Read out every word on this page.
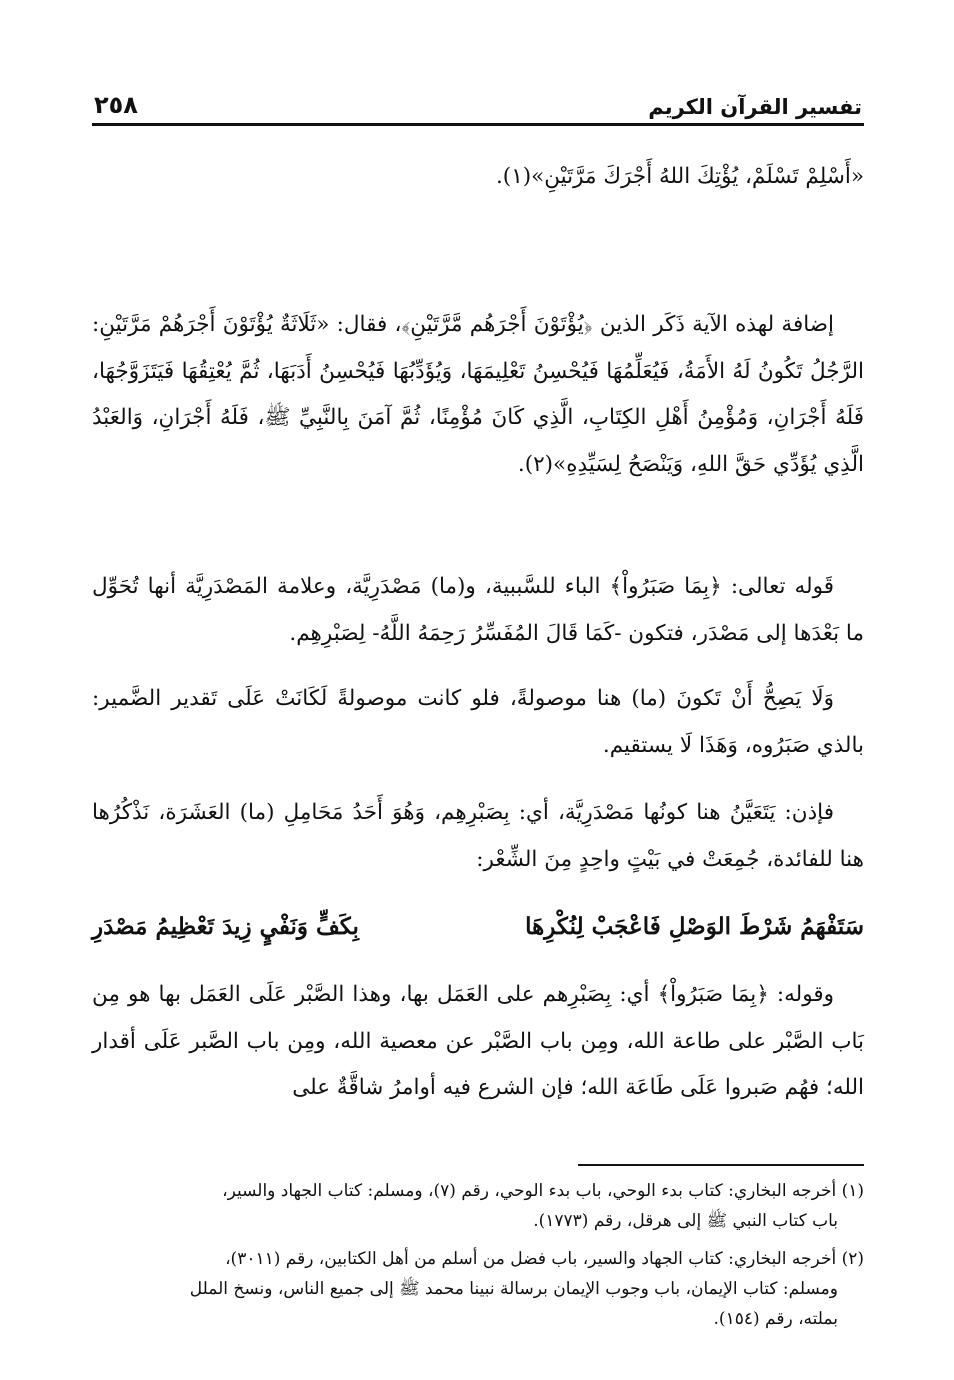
تفسير القرآن الكريم
٢٥٨

«أَسْلِمْ تَسْلَمْ، يُؤْتِكَ اللهُ أَجْرَكَ مَرَّتَيْنِ»(١).

إضافة لهذه الآية ذَكَر الذين ﴿يُؤْتَوْنَ أَجْرَهُم مَّرَّتَيْنِ﴾، فقال: «ثَلَاثَةٌ يُؤْتَوْنَ أَجْرَهُمْ مَرَّتَيْنِ: الرَّجُلُ تَكُونُ لَهُ الأَمَةُ، فَيُعَلِّمُهَا فَيُحْسِنُ تَعْلِيمَهَا، وَيُؤَدِّبُهَا فَيُحْسِنُ أَدَبَهَا، ثُمَّ يُعْتِقُهَا فَيَتَزَوَّجُهَا، فَلَهُ أَجْرَانِ، وَمُؤْمِنُ أَهْلِ الكِتَابِ، الَّذِي كَانَ مُؤْمِنًا، ثُمَّ آمَنَ بِالنَّبِيِّ ﷺ، فَلَهُ أَجْرَانِ، وَالعَبْدُ الَّذِي يُؤَدِّي حَقَّ اللهِ، وَيَنْصَحُ لِسَيِّدِهِ»(٢).

قَوله تعالى: ﴿بِمَا صَبَرُواْ﴾ الباء للسَّببية، و(ما) مَصْدَرِيَّة، وعلامة المَصْدَرِيَّة أنها تُحَوِّل ما بَعْدَها إلى مَصْدَر، فتكون -كَمَا قَالَ المُفَسِّرُ رَحِمَهُ اللَّهُ- لِصَبْرِهِم.

وَلَا يَصِحُّ أَنْ تَكونَ (ما) هنا موصولةً، فلو كانت موصولةً لَكَانَتْ عَلَى تَقدير الضَّمير: بالذي صَبَرُوه، وَهَذَا لَا يستقيم.

فإذن: يَتَعَيَّنُ هنا كونُها مَصْدَرِيَّة، أي: بِصَبْرِهِم، وَهُوَ أَحَدُ مَحَامِلِ (ما) العَشَرَة، نَذْكُرُها هنا للفائدة، جُمِعَتْ في بَيْتٍ واحِدٍ مِنَ الشِّعْر:

سَتَفْهَمُ شَرْطَ الوَصْلِ فَاعْجَبْ لِنُكْرِهَا
بِكَفٍّ وَنَفْيٍ زِيدَ تَعْظِيمُ مَصْدَرِ

وقوله: ﴿بِمَا صَبَرُواْ﴾ أي: بِصَبْرِهم على العَمَل بها، وهذا الصَّبْر عَلَى العَمَل بها هو مِن بَاب الصَّبْر على طاعة الله، ومِن باب الصَّبْر عن معصية الله، ومِن باب الصَّبر عَلَى أقدار الله؛ فهُم صَبروا عَلَى طَاعَة الله؛ فإن الشرع فيه أوامرُ شاقَّةٌ على

(١) أخرجه البخاري: كتاب بدء الوحي، باب بدء الوحي، رقم (٧)، ومسلم: كتاب الجهاد والسير،
باب كتاب النبي ﷺ إلى هرقل، رقم (١٧٧٣).
(٢) أخرجه البخاري: كتاب الجهاد والسير، باب فضل من أسلم من أهل الكتابين، رقم (٣٠١١)،
ومسلم: كتاب الإيمان، باب وجوب الإيمان برسالة نبينا محمد ﷺ إلى جميع الناس، ونسخ الملل
بملته، رقم (١٥٤).
